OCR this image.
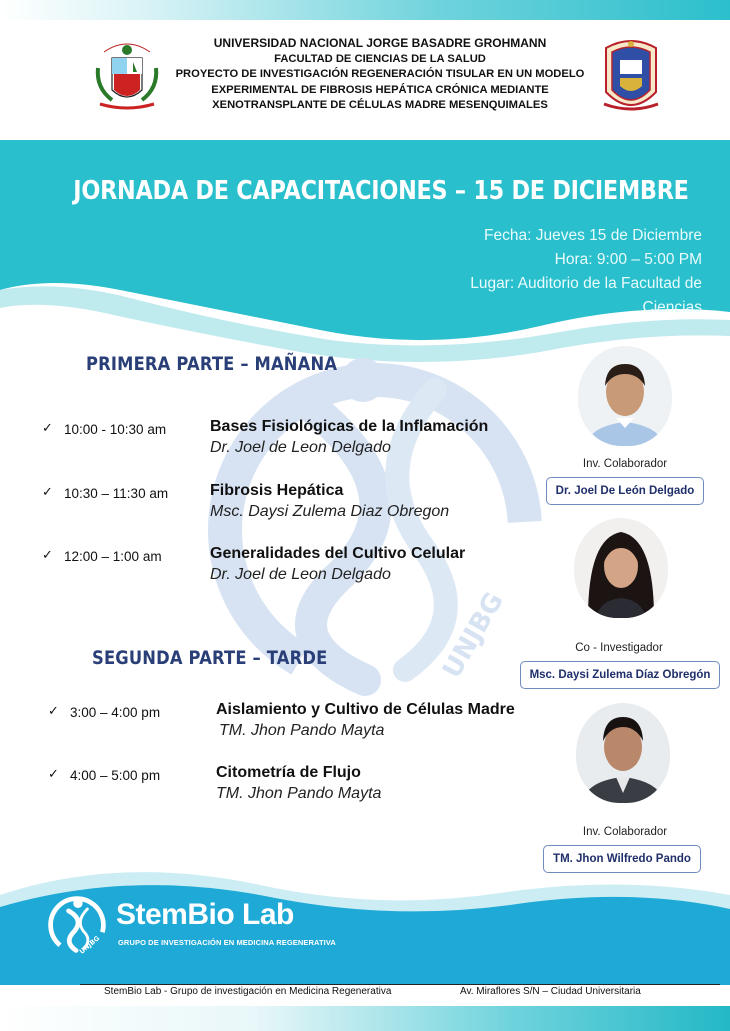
UNIVERSIDAD NACIONAL JORGE BASADRE GROHMANN
FACULTAD DE CIENCIAS DE LA SALUD
PROYECTO DE INVESTIGACIÓN REGENERACIÓN TISULAR EN UN MODELO
EXPERIMENTAL DE FIBROSIS HEPÁTICA CRÓNICA MEDIANTE
XENOTRANSPLANTE DE CÉLULAS MADRE MESENQUIMALES
JORNADA DE CAPACITACIONES – 15 DE DICIEMBRE
Fecha: Jueves 15 de Diciembre
Hora: 9:00 – 5:00 PM
Lugar: Auditorio de la Facultad de
Ciencias
UNJBG
PRIMERA PARTE – MAÑANA
✓ 10:00 - 10:30 am	Bases Fisiológicas de la Inflamación
Dr. Joel de Leon Delgado
✓ 10:30 – 11:30 am	Fibrosis Hepática
Msc. Daysi Zulema Diaz Obregon
✓ 12:00 – 1:00 am	Generalidades del Cultivo Celular
Dr. Joel de Leon Delgado
SEGUNDA PARTE – TARDE
✓ 3:00 – 4:00 pm	Aislamiento y Cultivo de Células Madre
TM. Jhon Pando Mayta
✓ 4:00 – 5:00 pm	Citometría de Flujo
TM. Jhon Pando Mayta
Inv. Colaborador
Dr. Joel De León Delgado
Co - Investigador
Msc. Daysi Zulema Díaz Obregón
Inv. Colaborador
TM. Jhon Wilfredo Pando
UNJBG
StemBio Lab
GRUPO DE INVESTIGACIÓN EN MEDICINA REGENERATIVA
StemBio Lab - Grupo de investigación en Medicina Regenerativa	Av. Miraflores S/N – Ciudad Universitaria
